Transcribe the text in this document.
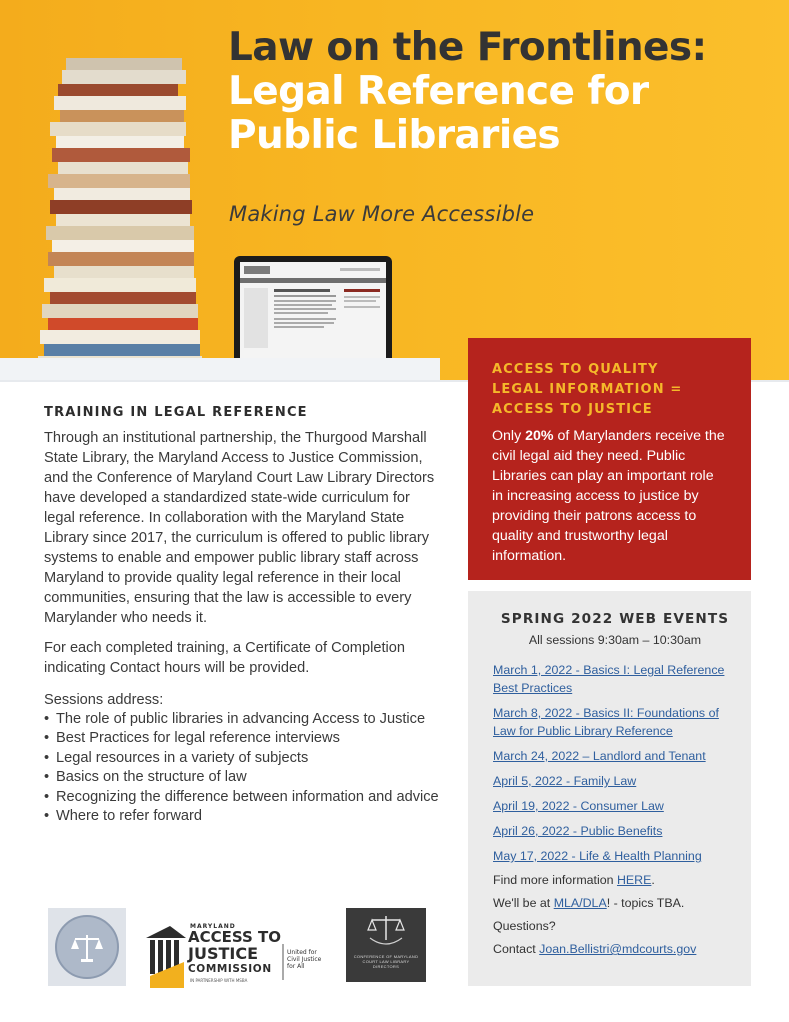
Law on the Frontlines:
Legal Reference for
Public Libraries
Making Law More Accessible
TRAINING IN LEGAL REFERENCE

Through an institutional partnership, the Thurgood Marshall State Library, the Maryland Access to Justice Commission, and the Conference of Maryland Court Law Library Directors have developed a standardized state-wide curriculum for legal reference. In collaboration with the Maryland State Library since 2017, the curriculum is offered to public library systems to enable and empower public library staff across Maryland to provide quality legal reference in their local communities, ensuring that the law is accessible to every Marylander who needs it.

For each completed training, a Certificate of Completion indicating Contact hours will be provided.

Sessions address:

• The role of public libraries in advancing Access to Justice
• Best Practices for legal reference interviews
• Legal resources in a variety of subjects
• Basics on the structure of law
• Recognizing the difference between information and advice
• Where to refer forward
ACCESS TO QUALITY
LEGAL INFORMATION =
ACCESS TO JUSTICE

Only 20% of Marylanders receive the civil legal aid they need. Public Libraries can play an important role in increasing access to justice by providing their patrons access to quality and trustworthy legal information.

SPRING 2022 WEB EVENTS
All sessions 9:30am – 10:30am
March 1, 2022 - Basics I: Legal Reference Best Practices
March 8, 2022 - Basics II: Foundations of Law for Public Library Reference
March 24, 2022 – Landlord and Tenant
April 5, 2022 - Family Law
April 19, 2022 - Consumer Law
April 26, 2022 - Public Benefits
May 17, 2022 - Life & Health Planning

Find more information HERE.

We'll be at MLA/DLA! - topics TBA.

Questions?

Contact Joan.Bellistri@mdcourts.gov

MARYLAND
ACCESS TO
JUSTICE
COMMISSION
IN PARTNERSHIP WITH MSBA
United for
Civil Justice
for All
CONFERENCE OF MARYLAND COURT LAW LIBRARY DIRECTORS
